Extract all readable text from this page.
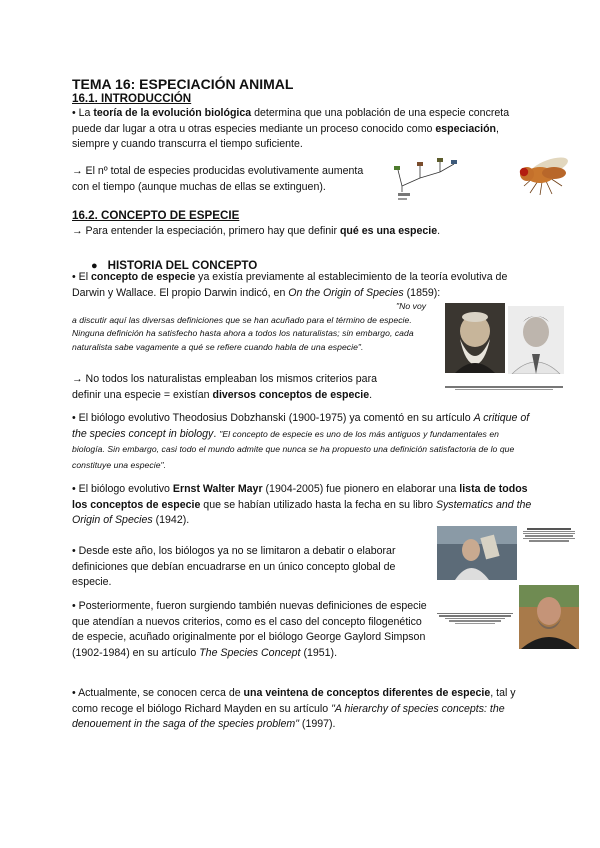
TEMA 16: ESPECIACIÓN ANIMAL
16.1. INTRODUCCIÓN
• La teoría de la evolución biológica determina que una población de una especie concreta puede dar lugar a otra u otras especies mediante un proceso conocido como especiación, siempre y cuando transcurra el tiempo suficiente.
→ El nº total de especies producidas evolutivamente aumenta con el tiempo (aunque muchas de ellas se extinguen).
16.2. CONCEPTO DE ESPECIE
→ Para entender la especiación, primero hay que definir qué es una especie.
● HISTORIA DEL CONCEPTO
• El concepto de especie ya existía previamente al establecimiento de la teoría evolutiva de Darwin y Wallace. El propio Darwin indicó, en On the Origin of Species (1859):
"No voy a discutir aquí las diversas definiciones que se han acuñado para el término de especie. Ninguna definición ha satisfecho hasta ahora a todos los naturalistas; sin embargo, cada naturalista sabe vagamente a qué se refiere cuando habla de una especie".
→ No todos los naturalistas empleaban los mismos criterios para definir una especie = existían diversos conceptos de especie.
• El biólogo evolutivo Theodosius Dobzhanski (1900-1975) ya comentó en su artículo A critique of the species concept in biology. "El concepto de especie es uno de los más antiguos y fundamentales en biología. Sin embargo, casi todo el mundo admite que nunca se ha propuesto una definición satisfactoria de lo que constituye una especie".
• El biólogo evolutivo Ernst Walter Mayr (1904-2005) fue pionero en elaborar una lista de todos los conceptos de especie que se habían utilizado hasta la fecha en su libro Systematics and the Origin of Species (1942).
• Desde este año, los biólogos ya no se limitaron a debatir o elaborar definiciones que debían encuadrarse en un único concepto global de especie.
• Posteriormente, fueron surgiendo también nuevas definiciones de especie que atendían a nuevos criterios, como es el caso del concepto filogenético de especie, acuñado originalmente por el biólogo George Gaylord Simpson (1902-1984) en su artículo The Species Concept (1951).
• Actualmente, se conocen cerca de una veintena de conceptos diferentes de especie, tal y como recoge el biólogo Richard Mayden en su artículo "A hierarchy of species concepts: the denouement in the saga of the species problem" (1997).
